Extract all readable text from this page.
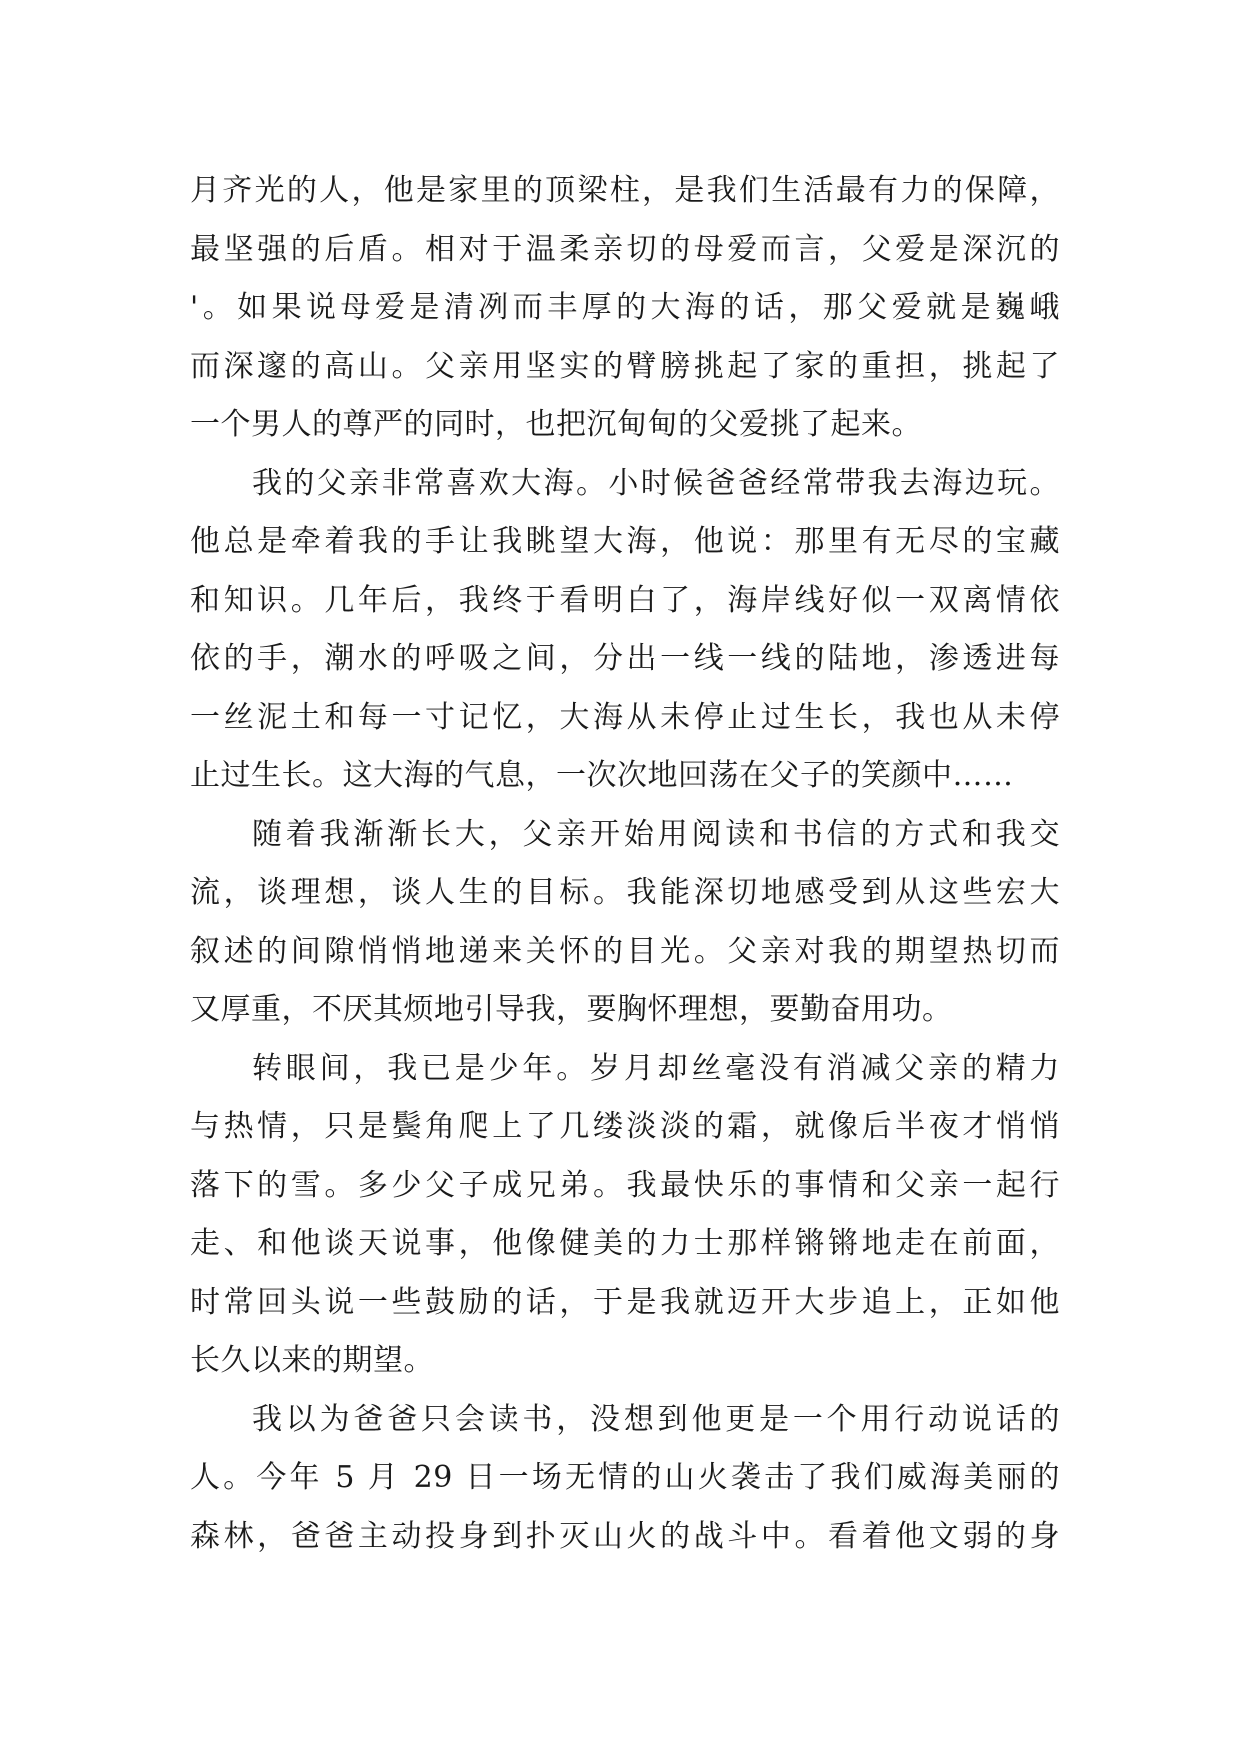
月齐光的人，他是家里的顶梁柱，是我们生活最有力的保障，
最坚强的后盾。相对于温柔亲切的母爱而言，父爱是深沉的
'。如果说母爱是清冽而丰厚的大海的话，那父爱就是巍峨
而深邃的高山。父亲用坚实的臂膀挑起了家的重担，挑起了
一个男人的尊严的同时，也把沉甸甸的父爱挑了起来。
我的父亲非常喜欢大海。小时候爸爸经常带我去海边玩。
他总是牵着我的手让我眺望大海，他说：那里有无尽的宝藏
和知识。几年后，我终于看明白了，海岸线好似一双离情依
依的手，潮水的呼吸之间，分出一线一线的陆地，渗透进每
一丝泥土和每一寸记忆，大海从未停止过生长，我也从未停
止过生长。这大海的气息，一次次地回荡在父子的笑颜中……
随着我渐渐长大，父亲开始用阅读和书信的方式和我交
流，谈理想，谈人生的目标。我能深切地感受到从这些宏大
叙述的间隙悄悄地递来关怀的目光。父亲对我的期望热切而
又厚重，不厌其烦地引导我，要胸怀理想，要勤奋用功。
转眼间，我已是少年。岁月却丝毫没有消减父亲的精力
与热情，只是鬓角爬上了几缕淡淡的霜，就像后半夜才悄悄
落下的雪。多少父子成兄弟。我最快乐的事情和父亲一起行
走、和他谈天说事，他像健美的力士那样锵锵地走在前面，
时常回头说一些鼓励的话，于是我就迈开大步追上，正如他
长久以来的期望。
我以为爸爸只会读书，没想到他更是一个用行动说话的
人。今年 5 月 29 日一场无情的山火袭击了我们威海美丽的
森林，爸爸主动投身到扑灭山火的战斗中。看着他文弱的身
